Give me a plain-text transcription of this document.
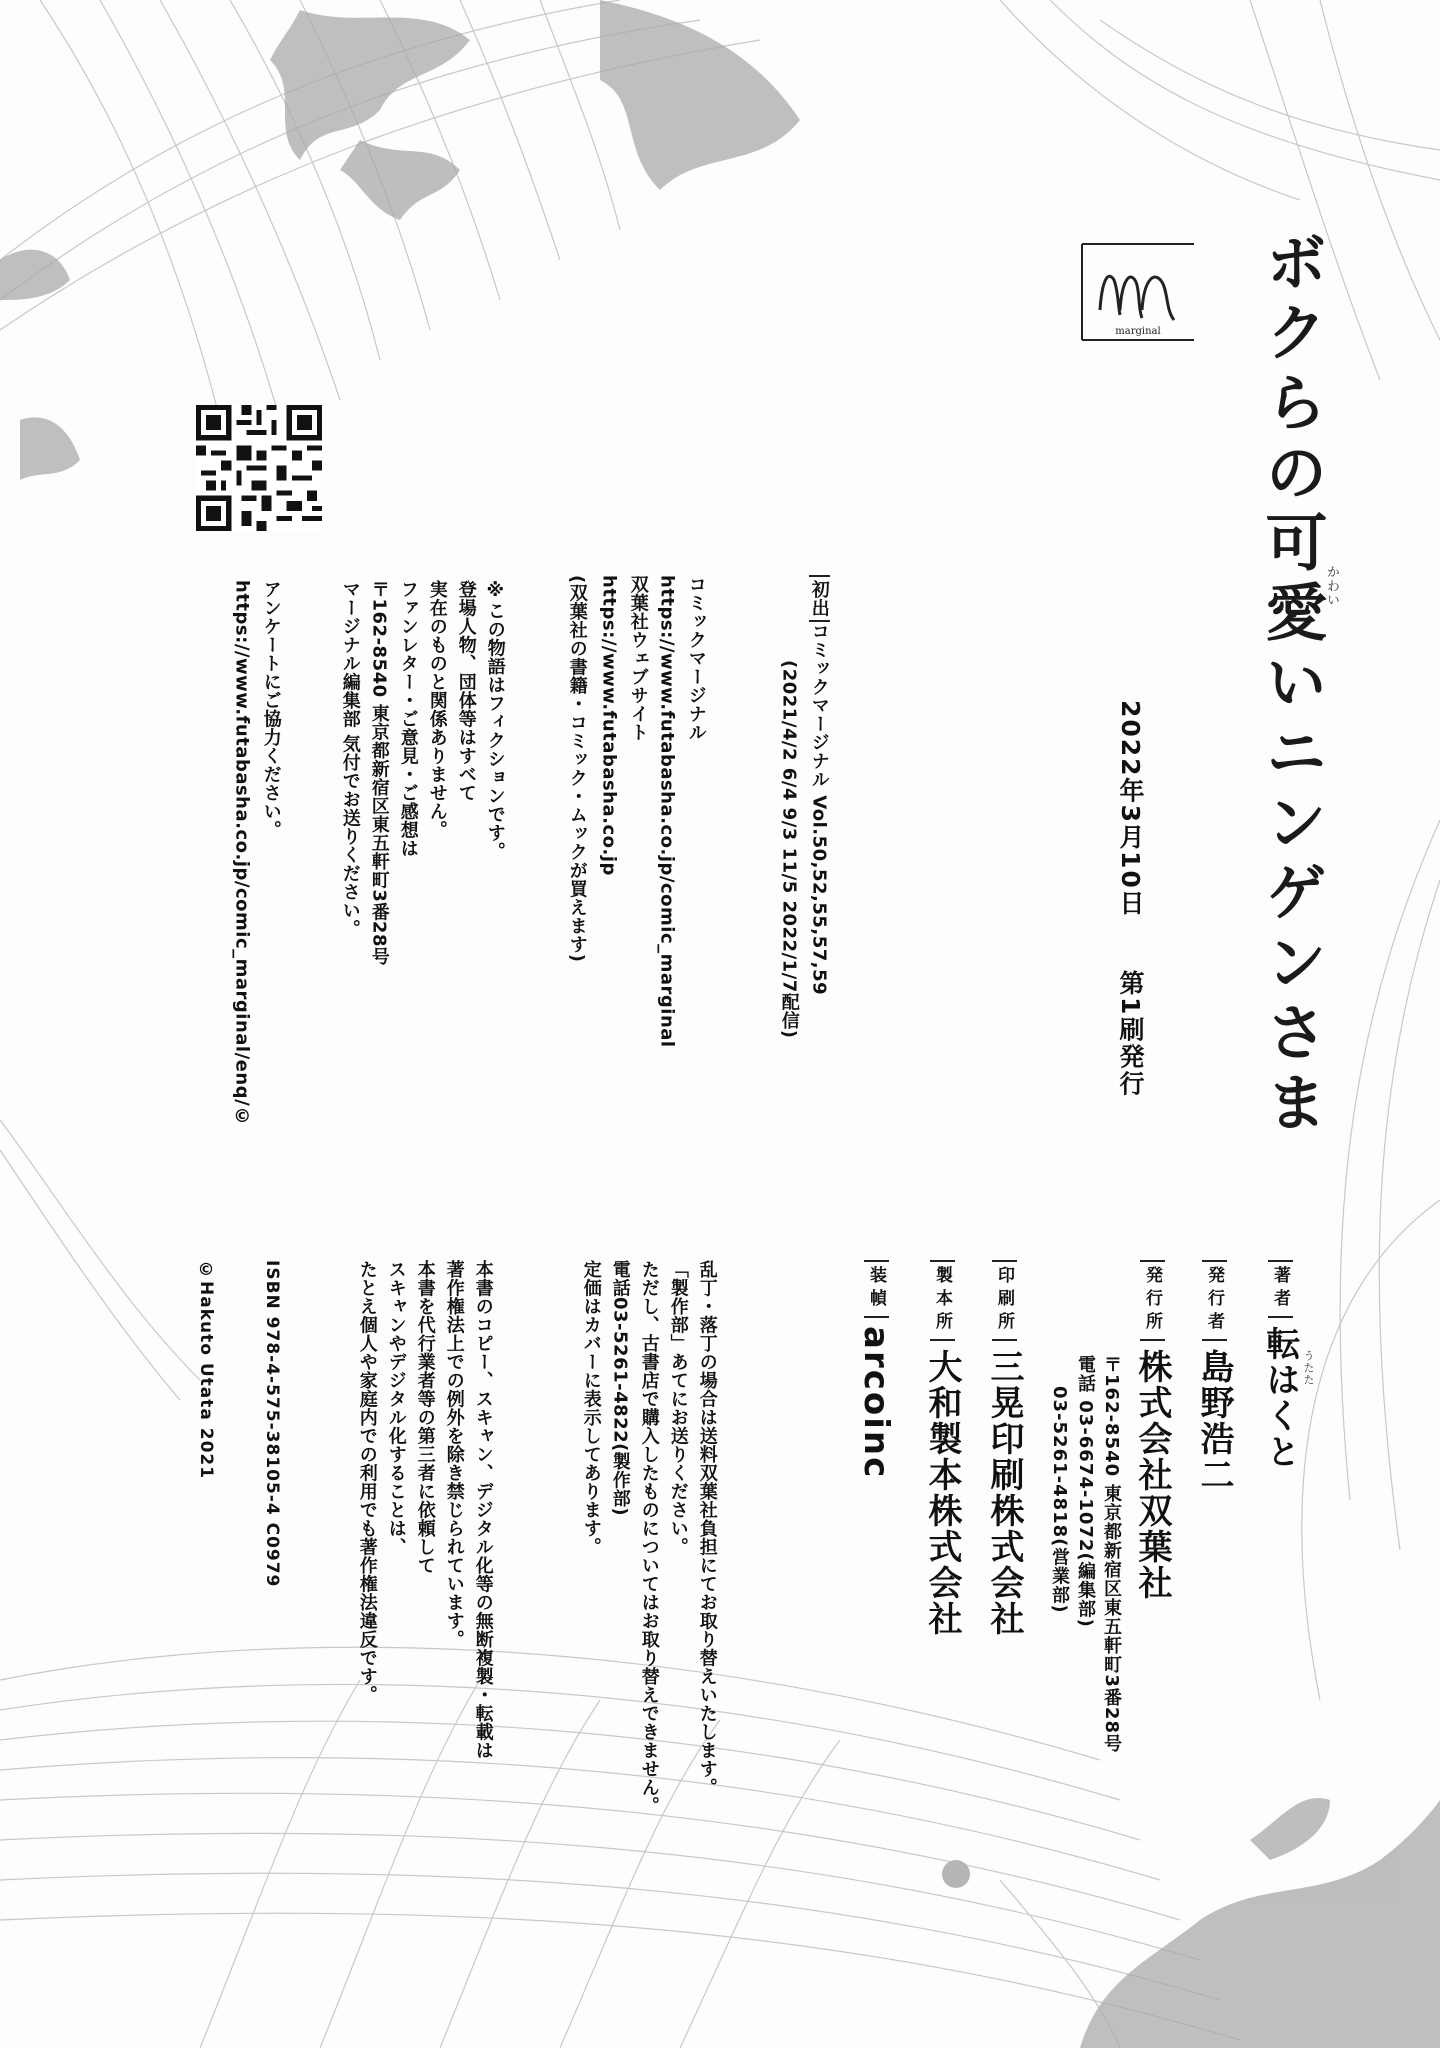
marginal ボクらの可愛いニンゲンさま
かわい
2022年3月10日
第1刷発行
初出コミックマージナル Vol.50,52,55,57,59
(2021/4/2 6/4 9/3 11/5 2022/1/7配信)
コミックマージナル
https://www.futabasha.co.jp/comic_marginal
双葉社ウェブサイト
https://www.futabasha.co.jp
(双葉社の書籍・コミック・ムックが買えます)
※この物語はフィクションです。
登場人物、団体等はすべて
実在のものと関係ありません。
ファンレター・ご意見・ご感想は
〒162-8540 東京都新宿区東五軒町3番28号
マージナル編集部 気付でお送りください。
アンケートにご協力ください。
https://www.futabasha.co.jp/comic_marginal/enq/©
著者転はくと うたた
発行者島野浩二
発行所株式会社双葉社
〒162-8540 東京都新宿区東五軒町3番28号
電話 03-6674-1072(編集部)
03-5261-4818(営業部)
印刷所三晃印刷株式会社
製本所大和製本株式会社
装幀arcoinc
乱丁・落丁の場合は送料双葉社負担にてお取り替えいたします。
「製作部」あてにお送りください。
ただし、古書店で購入したものについてはお取り替えできません。
電話03-5261-4822(製作部)
定価はカバーに表示してあります。
本書のコピー、スキャン、デジタル化等の無断複製・転載は
著作権法上での例外を除き禁じられています。
本書を代行業者等の第三者に依頼して
スキャンやデジタル化することは、
たとえ個人や家庭内での利用でも著作権法違反です。
ISBN 978-4-575-38105-4 C0979
©Hakuto Utata 2021
